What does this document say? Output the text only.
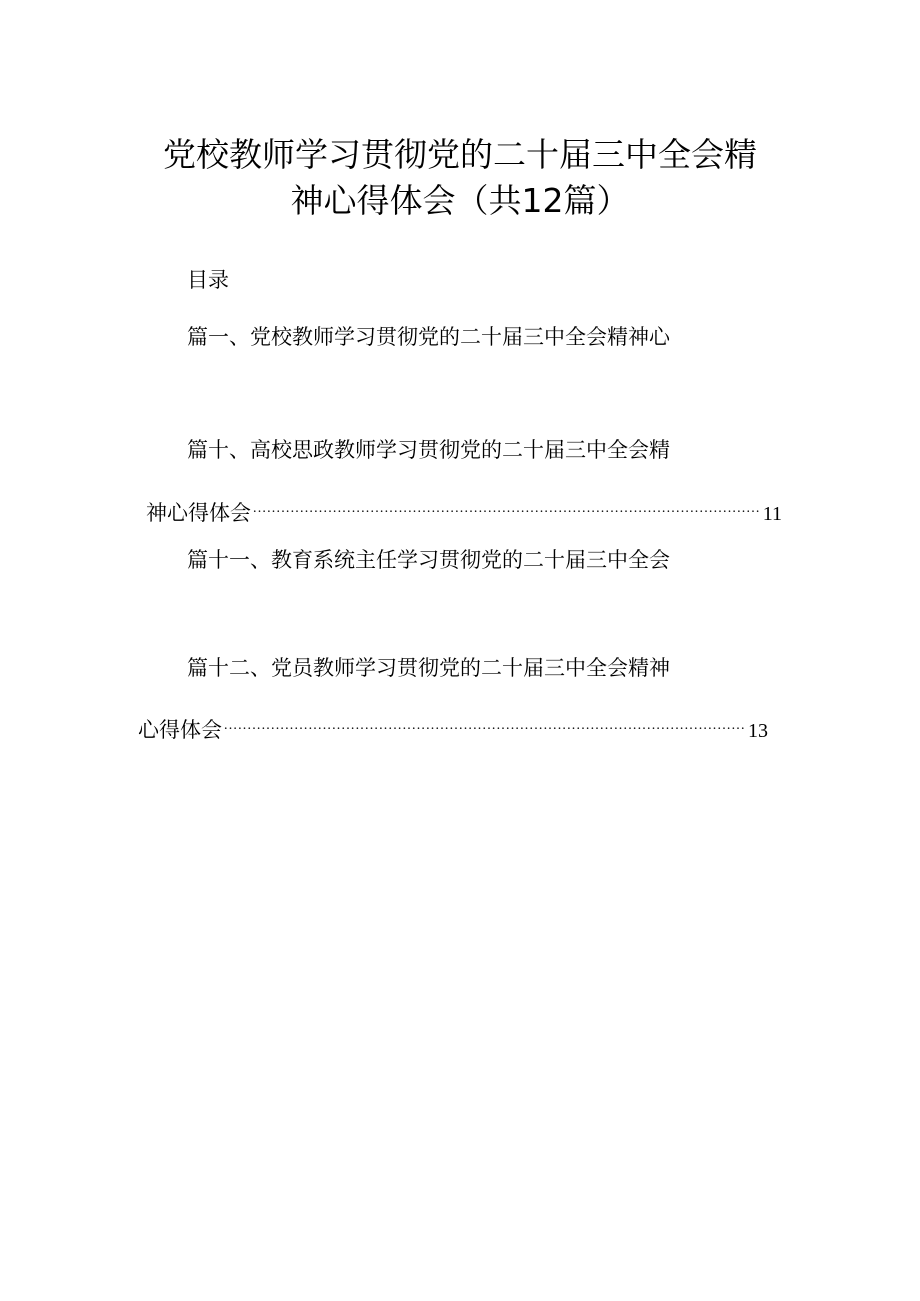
党校教师学习贯彻党的二十届三中全会精
神心得体会（共12篇）
目录
篇一、党校教师学习贯彻党的二十届三中全会精神心
篇十、高校思政教师学习贯彻党的二十届三中全会精
神心得体会 .....	11
篇十一、教育系统主任学习贯彻党的二十届三中全会
篇十二、党员教师学习贯彻党的二十届三中全会精神
心得体会 .....	13
